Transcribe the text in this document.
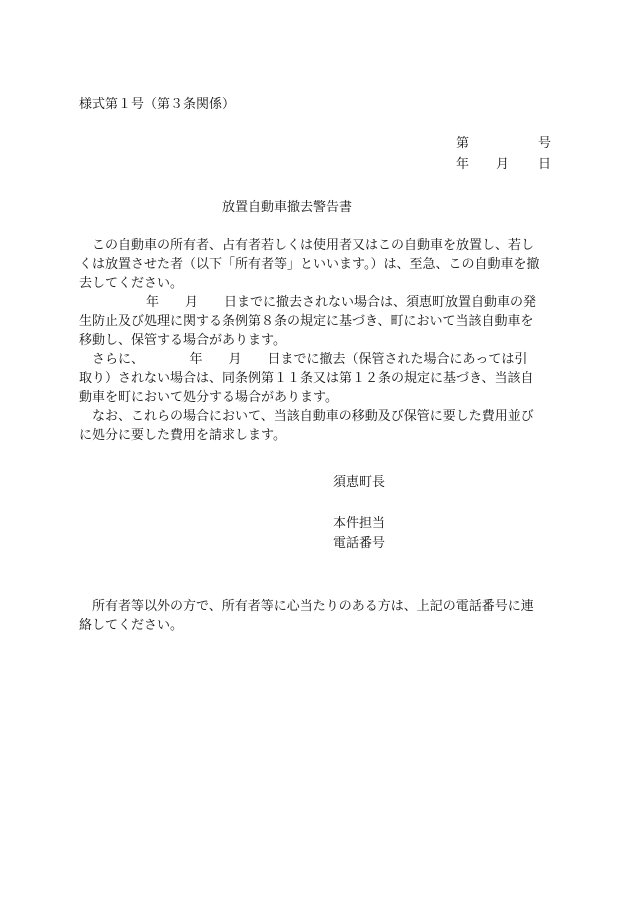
様式第１号（第３条関係）
第	号
年 月 日
放置自動車撤去警告書
この自動車の所有者、占有者若しくは使用者又はこの自動車を放置し、若し
くは放置させた者（以下「所有者等」といいます。）は、至急、この自動車を撤
去してください。
年　　月　　日までに撤去されない場合は、須恵町放置自動車の発
生防止及び処理に関する条例第８条の規定に基づき、町において当該自動車を
移動し、保管する場合があります。
さらに、　　　　年　　月　　日までに撤去（保管された場合にあっては引
取り）されない場合は、同条例第１１条又は第１２条の規定に基づき、当該自
動車を町において処分する場合があります。
なお、これらの場合において、当該自動車の移動及び保管に要した費用並び
に処分に要した費用を請求します。
須恵町長
本件担当
電話番号
所有者等以外の方で、所有者等に心当たりのある方は、上記の電話番号に連
絡してください。
